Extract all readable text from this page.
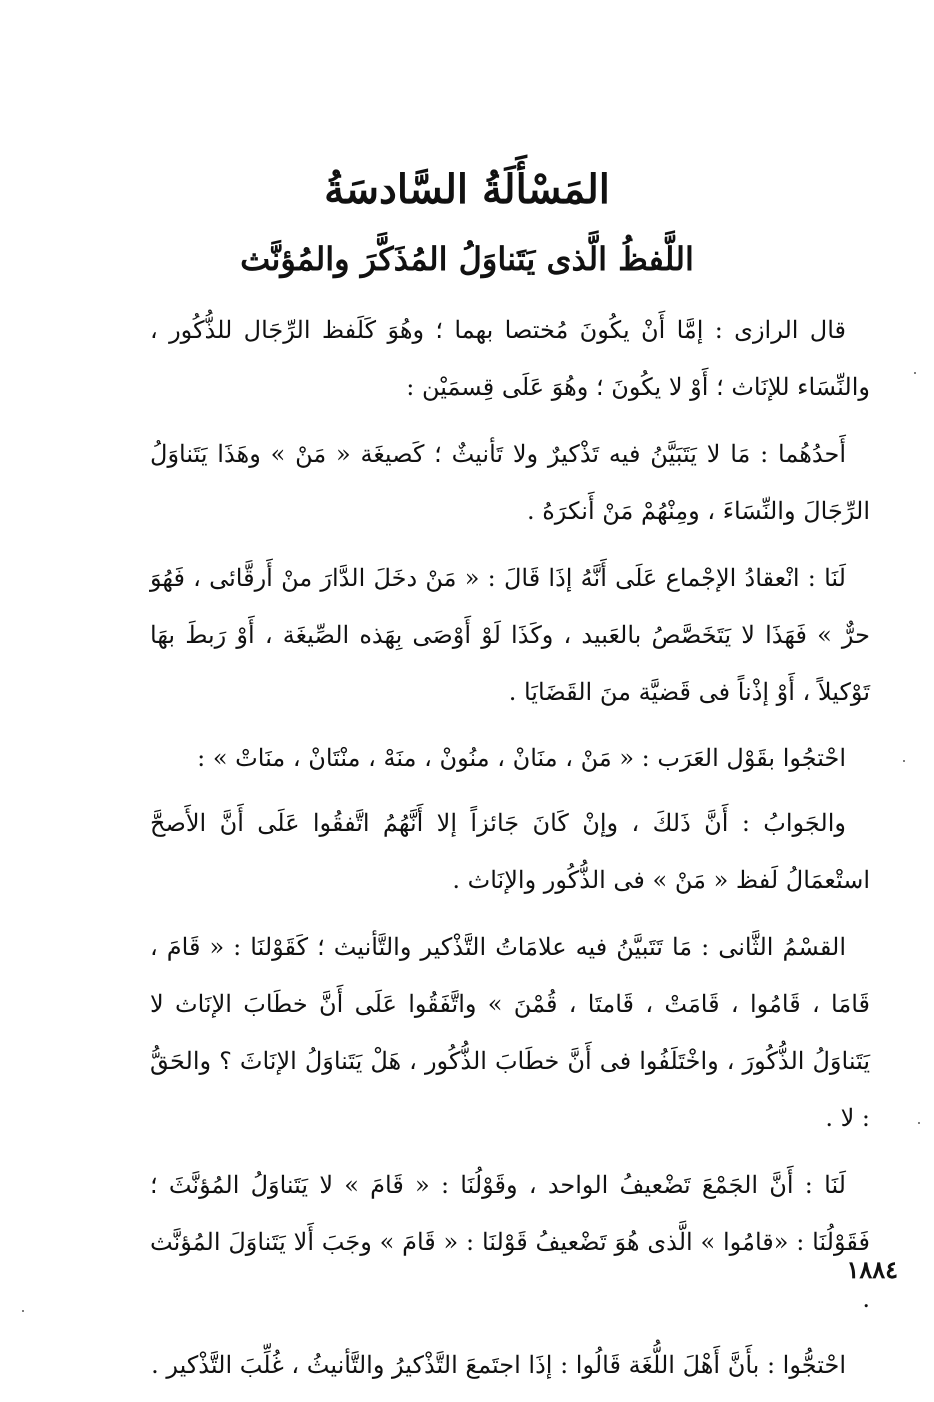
المَسْأَلَةُ السَّادسَةُ
اللَّفظُ الَّذى يَتَناوَلُ المُذَكَّرَ والمُؤنَّث

قال الرازى : إمَّا أَنْ يكُونَ مُختصا بهما ؛ وهُوَ كَلَفظ الرِّجَال للذُّكُور ، والنِّسَاء للإنَاث ؛ أَوْ لا يكُونَ ؛ وهُوَ عَلَى قِسمَيْن :

أَحدُهُما : مَا لا يَتَبَيَّنُ فيه تَذْكيرٌ ولا تَأنيثٌ ؛ كَصيغَة « مَنْ » وهَذَا يَتَناوَلُ الرِّجَالَ والنِّسَاءَ ، ومِنْهُمْ مَنْ أَنكرَهُ .

لَنَا : انْعقادُ الإجْماع عَلَى أَنَّهُ إذَا قَالَ : « مَنْ دخَلَ الدَّارَ منْ أَرقَّائى ، فَهُوَ حرٌّ » فَهَذَا لا يَتَخَصَّصُ بالعَبيد ، وكَذَا لَوْ أَوْصَى بِهَذه الصِّيغَة ، أَوْ رَبطَ بهَا تَوْكيلاً ، أَوْ إذْناً فى قَضيَّة منَ القَضَايَا .

احْتجُوا بقَوْل العَرَب : « مَنْ ، منَانْ ، منُونْ ، منَهْ ، منْتَانْ ، منَاتْ » :

والجَوابُ : أَنَّ ذَلكَ ، وإنْ كَانَ جَائزاً إلا أَنَّهُمُ اتَّفقُوا عَلَى أَنَّ الأَصحَّ استْعمَالُ لَفظ « مَنْ » فى الذُّكُور والإنَاث .

القسْمُ الثَّانى : مَا تَتَبيَّنُ فيه علامَاتُ التَّذْكير والتَّأنيث ؛ كَقَوْلنَا : « قَامَ ، قَامَا ، قَامُوا ، قَامَتْ ، قَامتَا ، قُمْنَ » واتَّفَقُوا عَلَى أَنَّ خطَابَ الإنَاث لا يَتَناوَلُ الذُّكُورَ ، واخْتَلَفُوا فى أَنَّ خطَابَ الذُّكُور ، هَلْ يَتَناوَلُ الإنَاثَ ؟ والحَقُّ : لا .

لَنَا : أَنَّ الجَمْعَ تَضْعيفُ الواحد ، وقَوْلُنَا : « قَامَ » لا يَتَناوَلُ المُؤنَّثَ ؛ فَقَوْلُنَا : «قامُوا » الَّذى هُوَ تَضْعيفُ قَوْلنَا : « قَامَ » وجَبَ أَلا يَتَناوَلَ المُؤنَّث .

احْتجُّوا : بأَنَّ أَهْلَ اللُّغَة قَالُوا : إذَا اجتَمعَ التَّذْكيرُ والتَّأنيثُ ، غُلِّبَ التَّذْكير .

١٨٨٤
